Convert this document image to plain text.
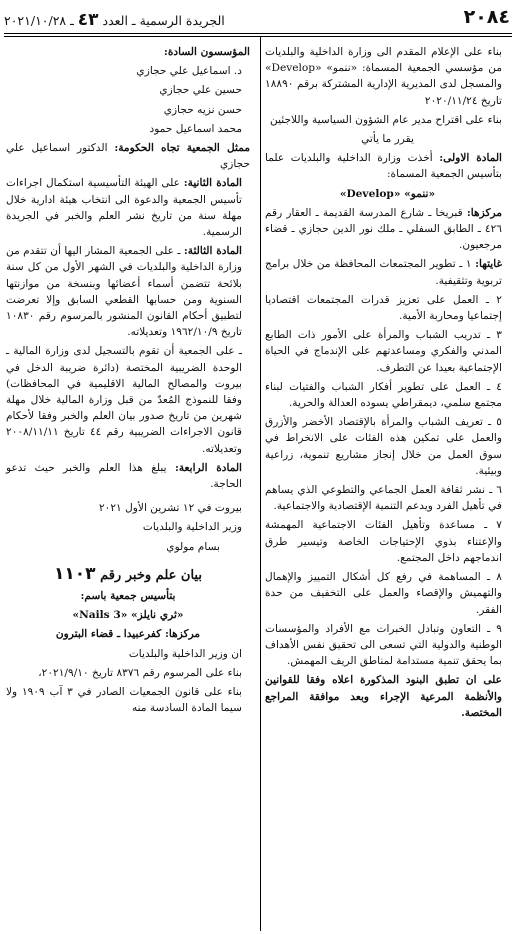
٢٠٨٤
الجريدة الرسمية ـ العدد ٤٣ ـ ٢٠٢١/١٠/٢٨

بناء على الإعلام المقدم الى وزارة الداخلية والبلديات من مؤسسي الجمعية المسماة: «ننمو» «Develop» والمسجل لدى المديرية الإدارية المشتركة برقم ١٨٨٩٠ تاريخ ٢٠٢٠/١١/٢٤

بناء على اقتراح مدير عام الشؤون السياسية واللاجئين

يقرر ما يأتي

المادة الاولى: أخذت وزارة الداخلية والبلديات علما بتأسيس الجمعية المسماة:

«ننمو» «Develop»

مركزها: قبريخا ـ شارع المدرسة القديمة ـ العقار رقم ٤٢٦ ـ الطابق السفلي ـ ملك نور الدين حجازي ـ قضاء مرجعيون.

غايتها: ١ ـ تطوير المجتمعات المحافظة من خلال برامج تربوية وتثقيفية.

٢ ـ العمل على تعزيز قدرات المجتمعات اقتصاديا إجتماعيا ومحاربة الأمية.

٣ ـ تدريب الشباب والمرأة على الأمور ذات الطابع المدني والفكري ومساعدتهم على الإندماج في الحياة الإجتماعية بعيدا عن التطرف.

٤ ـ العمل على تطوير أفكار الشباب والفتيات لبناء مجتمع سلمي، ديمقراطي يسوده العدالة والحرية.

٥ ـ تعريف الشباب والمرأة بالإقتصاد الأخضر والأزرق والعمل على تمكين هذه الفئات على الانخراط في سوق العمل من خلال إنجاز مشاريع تنموية، زراعية وبيئية.

٦ ـ نشر ثقافة العمل الجماعي والتطوعي الذي يساهم في تأهيل الفرد ويدعم التنمية الإقتصادية والاجتماعية.

٧ ـ مساعدة وتأهيل الفئات الاجتماعية المهمشة والإعتناء بذوي الإحتياجات الخاصة وتيسير طرق اندماجهم داخل المجتمع.

٨ ـ المساهمة في رفع كل أشكال التمييز والإهمال والتهميش والإقصاء والعمل على التخفيف من حدة الفقر.

٩ ـ التعاون وتبادل الخبرات مع الأفراد والمؤسسات الوطنية والدولية التي تسعى الى تحقيق نفس الأهداف بما يحقق تنمية مستدامة لمناطق الريف المهمش.

على ان تطبق البنود المذكورة اعلاه وفقا للقوانين والأنظمة المرعية الإجراء وبعد موافقة المراجع المختصة.

المؤسسون السادة:

د. اسماعيل علي حجازي

حسين علي حجازي

حسن نزيه حجازي

محمد اسماعيل حمود

ممثل الجمعية تجاه الحكومة: الدكتور اسماعيل علي حجازي

المادة الثانية: على الهيئة التأسيسية استكمال اجراءات تأسيس الجمعية والدعوة الى انتخاب هيئة ادارية خلال مهلة سنة من تاريخ نشر العلم والخبر في الجريدة الرسمية.

المادة الثالثة: ـ على الجمعية المشار اليها أن تتقدم من وزارة الداخلية والبلديات في الشهر الأول من كل سنة بلائحة تتضمن أسماء أعضائها وبنسخة من موازنتها السنوية ومن حسابها القطعي السابق وإلا تعرضت لتطبيق أحكام القانون المنشور بالمرسوم رقم ١٠٨٣٠ تاريخ ١٩٦٢/١٠/٩ وتعديلاته.

ـ على الجمعية أن تقوم بالتسجيل لدى وزارة المالية ـ الوحدة الضريبية المختصة (دائرة ضريبة الدخل في بيروت والمصالح المالية الاقليمية في المحافظات) وفقا للنموذج المُعدّ من قبل وزارة المالية خلال مهلة شهرين من تاريخ صدور بيان العلم والخبر وفقا لأحكام قانون الاجراءات الضريبية رقم ٤٤ تاريخ ٢٠٠٨/١١/١١ وتعديلاته.

المادة الرابعة: يبلغ هذا العلم والخبر حيث تدعو الحاجة.

بيروت في ١٢ تشرين الأول ٢٠٢١

وزير الداخلية والبلديات

بسام مولوي

بيان علم وخبر رقم ١١٠٣

بتأسيس جمعية باسم:

«ثري نايلز» «3 Nails»

مركزها: كفرعبيدا ـ قضاء البترون

ان وزير الداخلية والبلديات

بناء على المرسوم رقم ٨٣٧٦ تاريخ ٢٠٢١/٩/١٠،

بناء على قانون الجمعيات الصادر في ٣ آب ١٩٠٩ ولا سيما المادة السادسة منه
